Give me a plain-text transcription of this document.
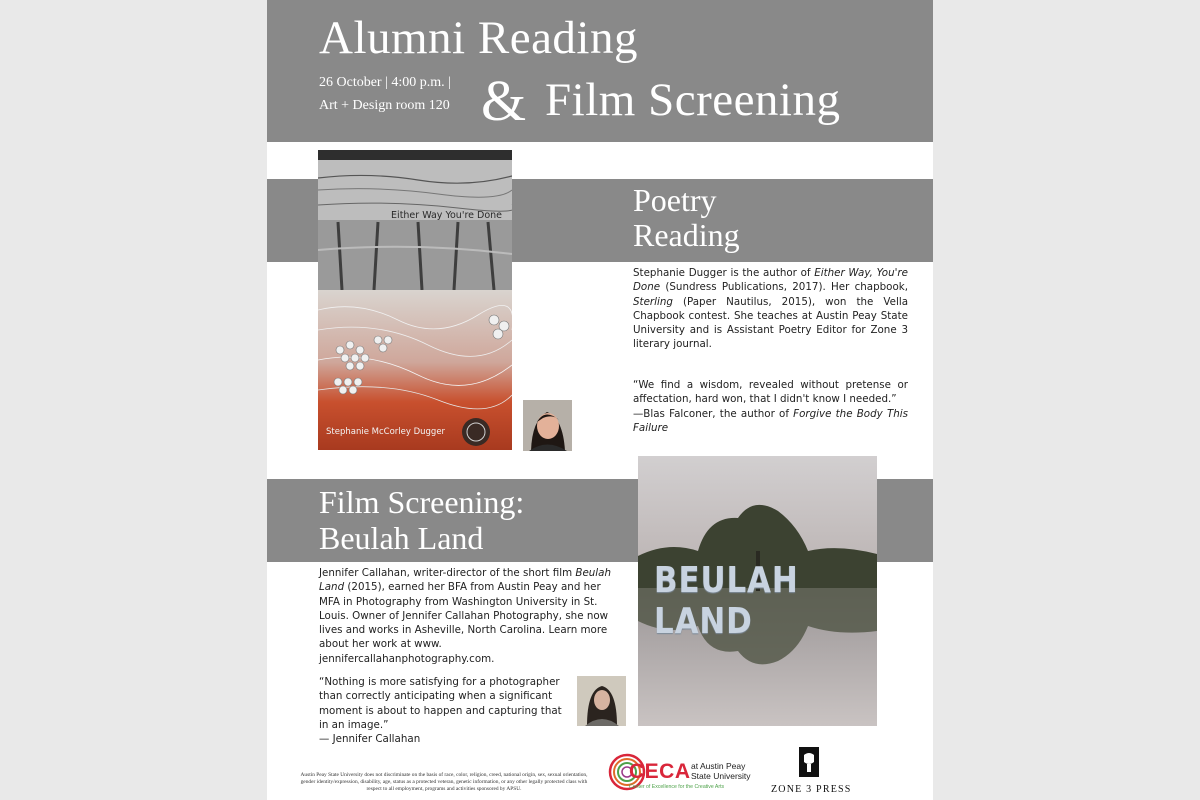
Alumni Reading
& Film Screening
26 October | 4:00 p.m. |
Art + Design room 120
Poetry
Reading
Either Way You're Done
Stephanie McCorley Dugger
Stephanie Dugger is the author of Either Way, You're Done (Sundress Publications, 2017). Her chapbook, Sterling (Paper Nautilus, 2015), won the Vella Chapbook contest. She teaches at Austin Peay State University and is Assistant Poetry Editor for Zone 3 literary journal.
“We find a wisdom, revealed without pretense or affectation, hard won, that I didn't know I needed.”
—Blas Falconer, the author of Forgive the Body This Failure
Film Screening:
Beulah Land
BEULAH LAND
Jennifer Callahan, writer-director of the short film Beulah Land (2015), earned her BFA from Austin Peay and her MFA in Photography from Washington University in St. Louis. Owner of Jennifer Callahan Photography, she now lives and works in Asheville, North Carolina. Learn more about her work at www. jennifercallahanphotography.com.
“Nothing is more satisfying for a photographer than correctly anticipating when a significant moment is about to happen and capturing that in an image.”
— Jennifer Callahan
Austin Peay State University does not discriminate on the basis of race, color, religion, creed, national origin, sex, sexual orientation, gender identity/expression, disability, age, status as a protected veteran, genetic information, or any other legally protected class with respect to all employment, programs and activities sponsored by APSU.
CECA at Austin Peay
State University
Center of Excellence for the Creative Arts	ZONE 3 PRESS
